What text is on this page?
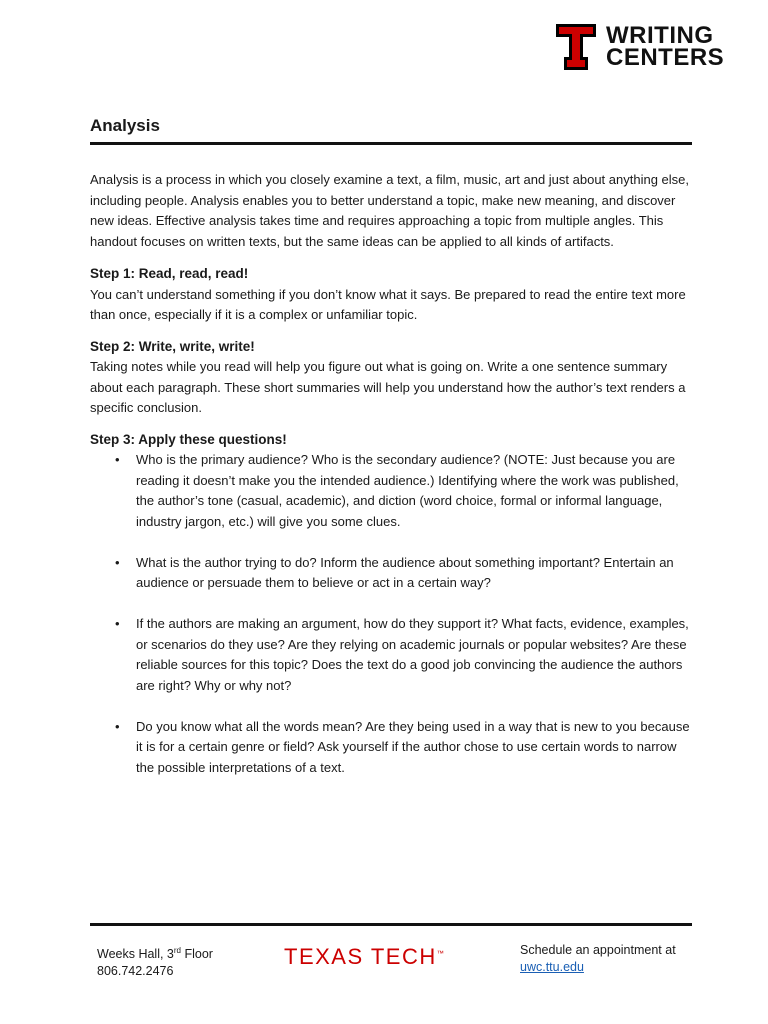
WRITING
CENTERS
Analysis

Analysis is a process in which you closely examine a text, a film, music, art and just about anything else, including people. Analysis enables you to better understand a topic, make new meaning, and discover new ideas. Effective analysis takes time and requires approaching a topic from multiple angles. This handout focuses on written texts, but the same ideas can be applied to all kinds of artifacts.

Step 1: Read, read, read!

You can’t understand something if you don’t know what it says. Be prepared to read the entire text more than once, especially if it is a complex or unfamiliar topic.

Step 2: Write, write, write!

Taking notes while you read will help you figure out what is going on. Write a one sentence summary about each paragraph. These short summaries will help you understand how the author’s text renders a specific conclusion.

Step 3: Apply these questions!

• Who is the primary audience? Who is the secondary audience? (NOTE: Just because you are reading it doesn’t make you the intended audience.) Identifying where the work was published, the author’s tone (casual, academic), and diction (word choice, formal or informal language, industry jargon, etc.) will give you some clues.
• What is the author trying to do? Inform the audience about something important? Entertain an audience or persuade them to believe or act in a certain way?
• If the authors are making an argument, how do they support it? What facts, evidence, examples, or scenarios do they use? Are they relying on academic journals or popular websites? Are these reliable sources for this topic? Does the text do a good job convincing the audience the authors are right? Why or why not?
• Do you know what all the words mean? Are they being used in a way that is new to you because it is for a certain genre or field? Ask yourself if the author chose to use certain words to narrow the possible interpretations of a text.
Weeks Hall, 3rd Floor
806.742.2476
TEXAS TECH™	Schedule an appointment at
uwc.ttu.edu
